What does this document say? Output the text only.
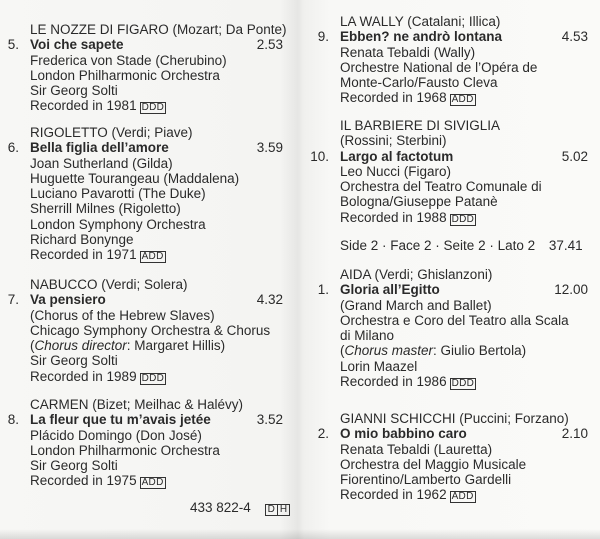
LE NOZZE DI FIGARO (Mozart; Da Ponte)
5. Voi che sapete	2.53
Frederica von Stade (Cherubino)
London Philharmonic Orchestra
Sir Georg Solti
Recorded in 1981 DDD
RIGOLETTO (Verdi; Piave)
6. Bella figlia dell’amore	3.59
Joan Sutherland (Gilda)
Huguette Tourangeau (Maddalena)
Luciano Pavarotti (The Duke)
Sherrill Milnes (Rigoletto)
London Symphony Orchestra
Richard Bonynge
Recorded in 1971 ADD
NABUCCO (Verdi; Solera)
7. Va pensiero	4.32
(Chorus of the Hebrew Slaves)
Chicago Symphony Orchestra & Chorus
(Chorus director: Margaret Hillis)
Sir Georg Solti
Recorded in 1989 DDD
CARMEN (Bizet; Meilhac & Halévy)
8. La fleur que tu m’avais jetée	3.52
Plácido Domingo (Don José)
London Philharmonic Orchestra
Sir Georg Solti
Recorded in 1975 ADD
LA WALLY (Catalani; Illica)
9. Ebben? ne andrò lontana	4.53
Renata Tebaldi (Wally)
Orchestre National de l’Opéra de
Monte-Carlo/Fausto Cleva
Recorded in 1968 ADD
IL BARBIERE DI SIVIGLIA
(Rossini; Sterbini)
10. Largo al factotum	5.02
Leo Nucci (Figaro)
Orchestra del Teatro Comunale di
Bologna/Giuseppe Patanè
Recorded in 1988 DDD
AIDA (Verdi; Ghislanzoni)
1. Gloria all’Egitto	12.00
(Grand March and Ballet)
Orchestra e Coro del Teatro alla Scala
di Milano
(Chorus master: Giulio Bertola)
Lorin Maazel
Recorded in 1986 DDD
GIANNI SCHICCHI (Puccini; Forzano)
2. O mio babbino caro	2.10
Renata Tebaldi (Lauretta)
Orchestra del Maggio Musicale
Fiorentino/Lamberto Gardelli
Recorded in 1962 ADD
Side 2 · Face 2 · Seite 2 · Lato 2 37.41
433 822-4 D H
